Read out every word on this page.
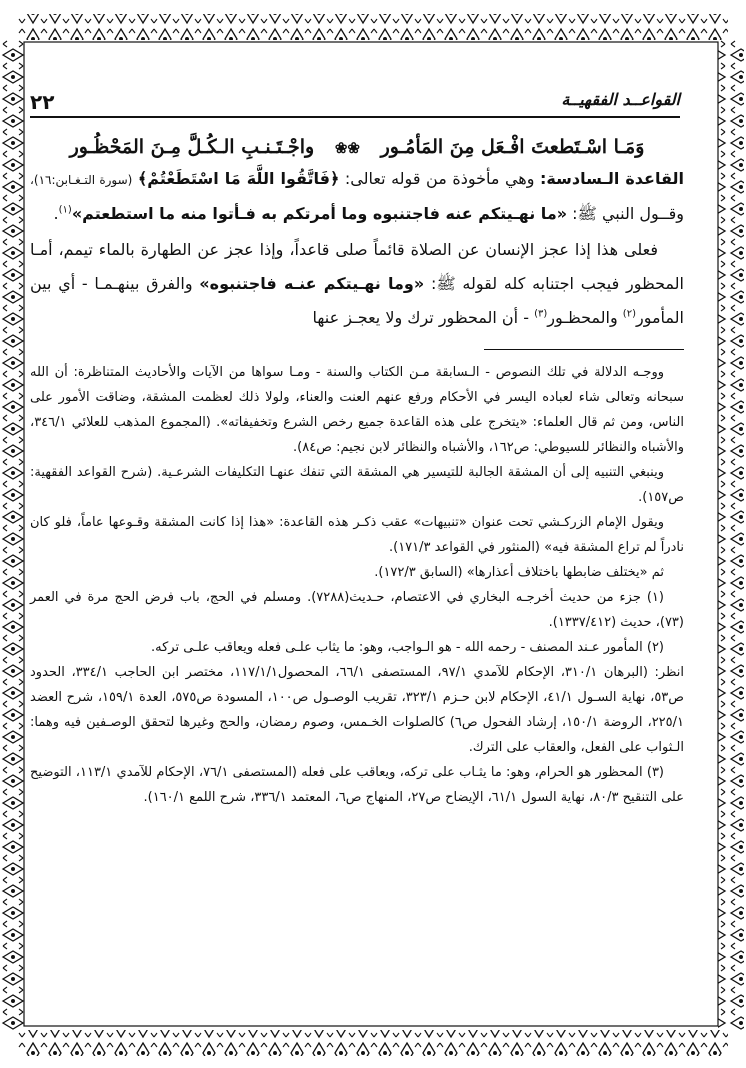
٢٢	القواعــد الفقهيــة
وَمَـا اسْـتَطعتَ افْـعَل مِنَ المَأمُـور ❀❀ واجْـتَـنـبِ الـكُـلَّ مِـنَ المَحْظُـور

القاعدة الـسادسة: وهي مأخوذة من قوله تعالى: ﴿فَاتَّقُوا اللَّهَ مَا اسْتَطَعْتُمْ﴾ (سورة التـغـابن:١٦)، وقــول النبي ﷺ: «ما نهـيتكم عنه فاجتنبوه وما أمرتكم به فـأتوا منه ما استطعتم»$^{(١)}$.

فعلى هذا إذا عجز الإنسان عن الصلاة قائماً صلى قاعداً، وإذا عجز عن الطهارة بالماء تيمم، أمـا المحظور فيجب اجتنابه كله لقوله ﷺ: «وما نهـيتكم عنـه فاجتنبوه» والفرق بينهـمـا - أي بين المأمور$^{(٢)}$ والمحظـور$^{(٣)}$ - أن المحظور ترك ولا يعجـز عنها

ووجـه الدلالة في تلك النصوص - الـسابقة مـن الكتاب والسنة - ومـا سواها من الآيات والأحاديث المتناظرة: أن الله سبحانه وتعالى شاء لعباده اليسر في الأحكام ورفع عنهم العنت والعناء، ولولا ذلك لعظمت المشقة، وضاقت الأمور على الناس، ومن ثم قال العلماء: «يتخرج على هذه القاعدة جميع رخص الشرع وتخفيفاته». (المجموع المذهب للعلائي ٣٤٦/١، والأشباه والنظائر للسيوطي: ص١٦٢، والأشباه والنظائر لابن نجيم: ص٨٤).

وينبغي التنبيه إلى أن المشقة الجالبة للتيسير هي المشقة التي تنفك عنهـا التكليفات الشرعـية. (شرح القواعد الفقهية: ص١٥٧).

ويقول الإمام الزركـشي تحت عنوان «تنبيهات» عقب ذكـر هذه القاعدة: «هذا إذا كانت المشقة وقـوعها عاماً، فلو كان نادراً لم تراع المشقة فيه» (المنثور في القواعد ١٧١/٣).

ثم «يختلف ضابطها باختلاف أعذارها» (السابق ١٧٢/٣).

(١) جزء من حديث أخرجـه البخاري في الاعتصام، حـديث(٧٢٨٨). ومسلم في الحج، باب فرض الحج مرة في العمر (٧٣)، حديث (١٣٣٧/٤١٢).

(٢) المأمور عـند المصنف - رحمه الله - هو الـواجب، وهو: ما يثاب علـى فعله ويعاقب علـى تركه.

انظر: (البرهان ٣١٠/١، الإحكام للآمدي ٩٧/١، المستصفى ٦٦/١، المحصول١١٧/١/١، مختصر ابن الحاجب ٣٣٤/١، الحدود ص٥٣، نهاية السـول ٤١/١، الإحكام لابن حـزم ٣٢٣/١، تقريب الوصـول ص١٠٠، المسودة ص٥٧٥، العدة ١٥٩/١، شرح العضد ٢٢٥/١، الروضة ١٥٠/١، إرشاد الفحول ص٦) كالصلوات الخـمس، وصوم رمضان، والحج وغيرها لتحقق الوصـفين فيه وهما: الـثواب على الفعل، والعقاب على الترك.

(٣) المحظور هو الحرام، وهو: ما يثـاب على تركه، ويعاقب على فعله (المستصفى ٧٦/١، الإحكام للآمدي ١١٣/١، التوضيح على التنقيح ٨٠/٣، نهاية السول ٦١/١، الإيضاح ص٢٧، المنهاج ص٦، المعتمد ٣٣٦/١، شرح اللمع ١٦٠/١).
